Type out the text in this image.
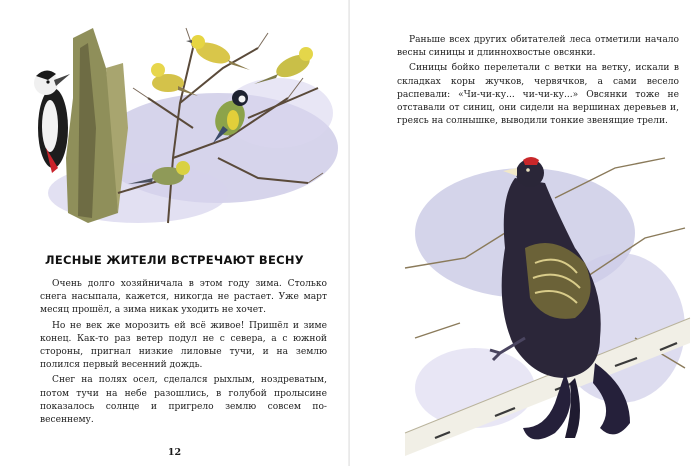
ЛЕСНЫЕ ЖИТЕЛИ ВСТРЕЧАЮТ ВЕСНУ

Очень долго хозяйничала в этом году зима. Столько снега насыпала, кажется, никогда не растает. Уже март месяц прошёл, а зима никак уходить не хочет.

Но не век же морозить ей всё живое! Пришёл и зиме конец. Как-то раз ветер подул не с севера, а с южной стороны, пригнал низкие лиловые тучи, и на землю полился первый весенний дождь.

Снег на полях осел, сделался рыхлым, ноздреватым, потом тучи на небе разошлись, в голубой пролысине показалось солнце и пригрело землю совсем по-весеннему.

12

Раньше всех других обитателей леса отметили начало весны синицы и длиннохвостые овсянки.

Синицы бойко перелетали с ветки на ветку, искали в складках коры жучков, червячков, а сами весело распевали: «Чи-чи-ку... чи-чи-ку...» Овсянки тоже не отставали от синиц, они сидели на вершинах деревьев и, греясь на солнышке, выводили тонкие звенящие трели.
